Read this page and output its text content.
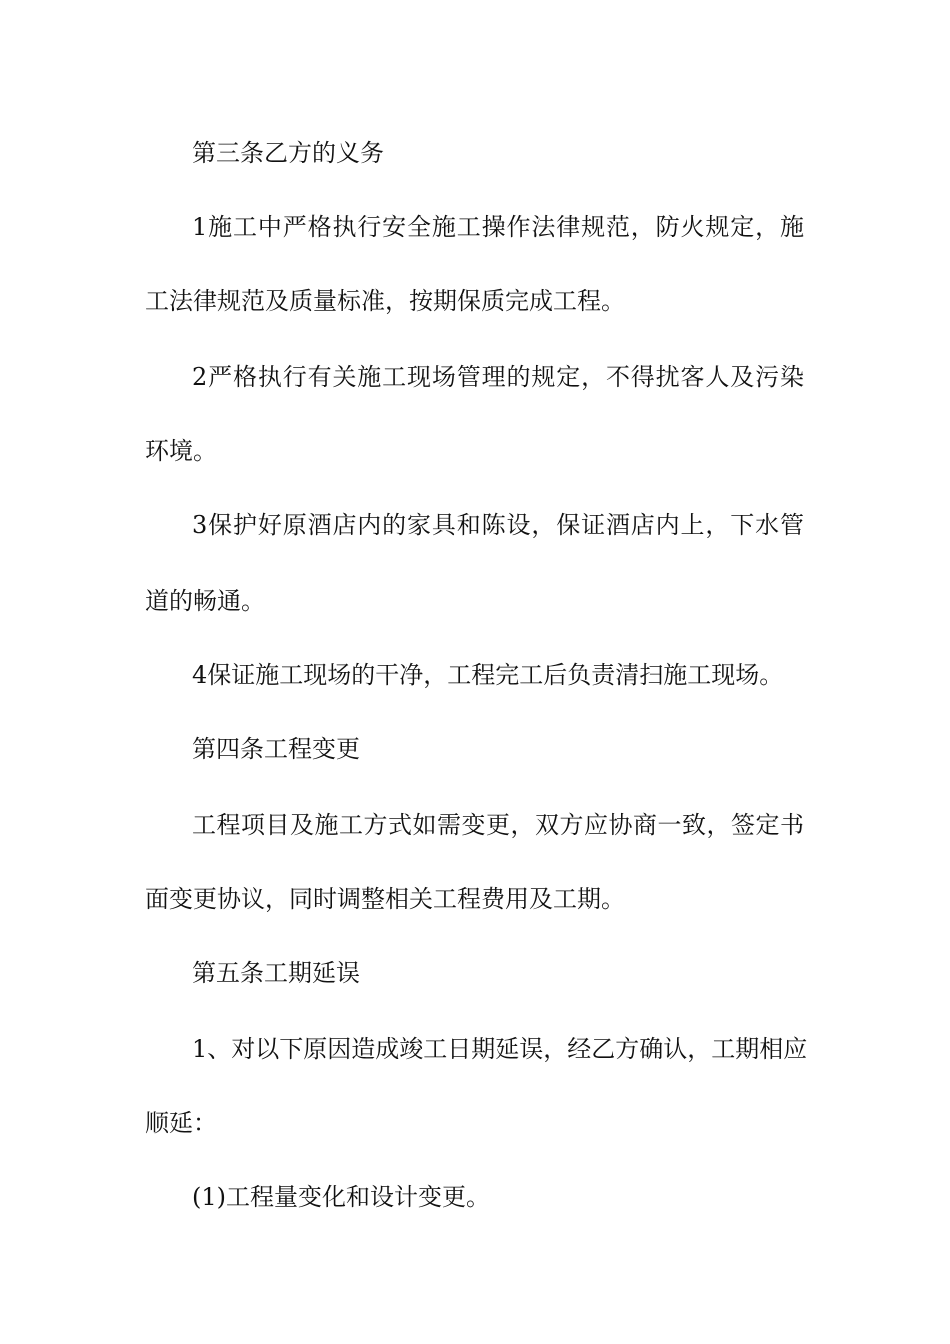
第三条乙方的义务

1施工中严格执行安全施工操作法律规范，防火规定，施

工法律规范及质量标准，按期保质完成工程。

2严格执行有关施工现场管理的规定，不得扰客人及污染

环境。

3保护好原酒店内的家具和陈设，保证酒店内上，下水管

道的畅通。

4保证施工现场的干净，工程完工后负责清扫施工现场。

第四条工程变更

工程项目及施工方式如需变更，双方应协商一致，签定书

面变更协议，同时调整相关工程费用及工期。

第五条工期延误

1、对以下原因造成竣工日期延误，经乙方确认，工期相应

顺延：

(1)工程量变化和设计变更。
